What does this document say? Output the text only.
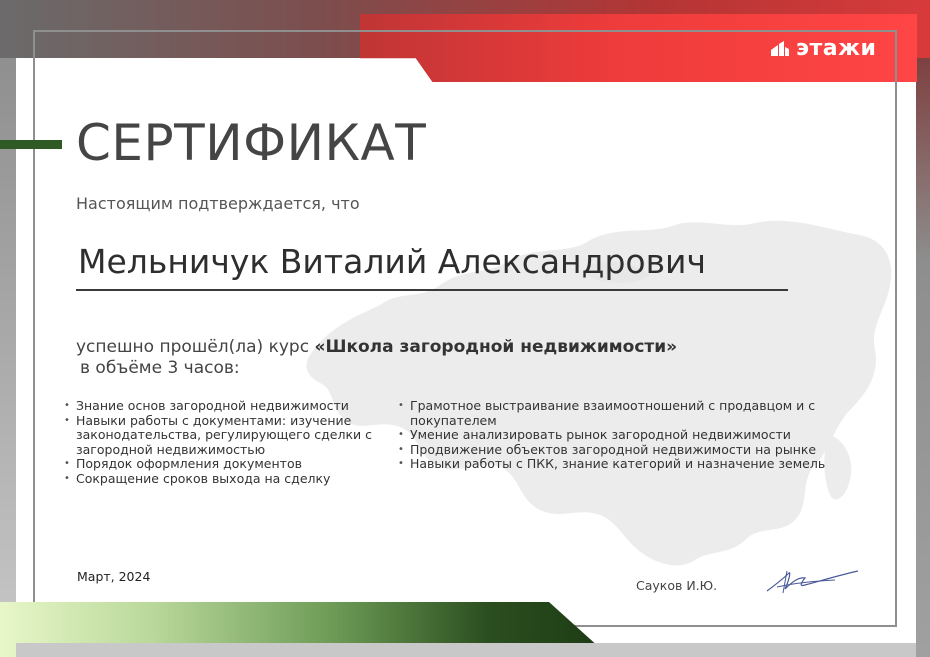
этажи
СЕРТИФИКАТ
Настоящим подтверждается, что
Мельничук Виталий Александрович
успешно прошёл(ла) курс «Школа загородной недвижимости»
в объёме 3 часов:
• Знание основ загородной недвижимости
• Навыки работы с документами: изучение законодательства, регулирующего сделки с загородной недвижимостью
• Порядок оформления документов
• Сокращение сроков выхода на сделку
• Грамотное выстраивание взаимоотношений с продавцом и с покупателем
• Умение анализировать рынок загородной недвижимости
• Продвижение объектов загородной недвижимости на рынке
• Навыки работы с ПКК, знание категорий и назначение земель
Март, 2024
Сауков И.Ю.
